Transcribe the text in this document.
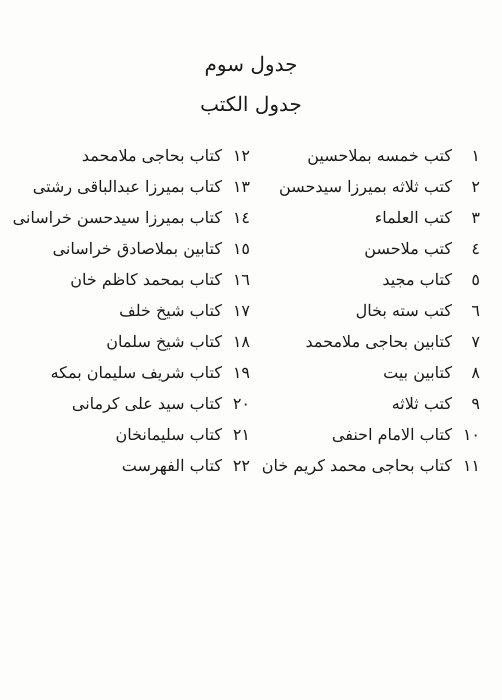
جدول سوم
جدول الكتب
١كتب خمسه بملاحسين
٢كتب ثلاثه بميرزا سيدحسن
٣كتب العلماء
٤كتب ملاحسن
٥كتاب مجيد
٦كتب سته بخال
٧كتابين بحاجى ملامحمد
٨كتابين بيت
٩كتب ثلاثه
١٠كتاب الامام احنفى
١١كتاب بحاجى محمد كريم خان
١٢كتاب بحاجى ملامحمد
١٣كتاب بميرزا عبدالباقى رشتى
١٤كتاب بميرزا سيدحسن خراسانى
١٥كتابين بملاصادق خراسانى
١٦كتاب بمحمد كاظم خان
١٧كتاب شيخ خلف
١٨كتاب شيخ سلمان
١٩كتاب شريف سليمان بمكه
٢٠كتاب سيد على كرمانى
٢١كتاب سليمانخان
٢٢كتاب الفهرست
